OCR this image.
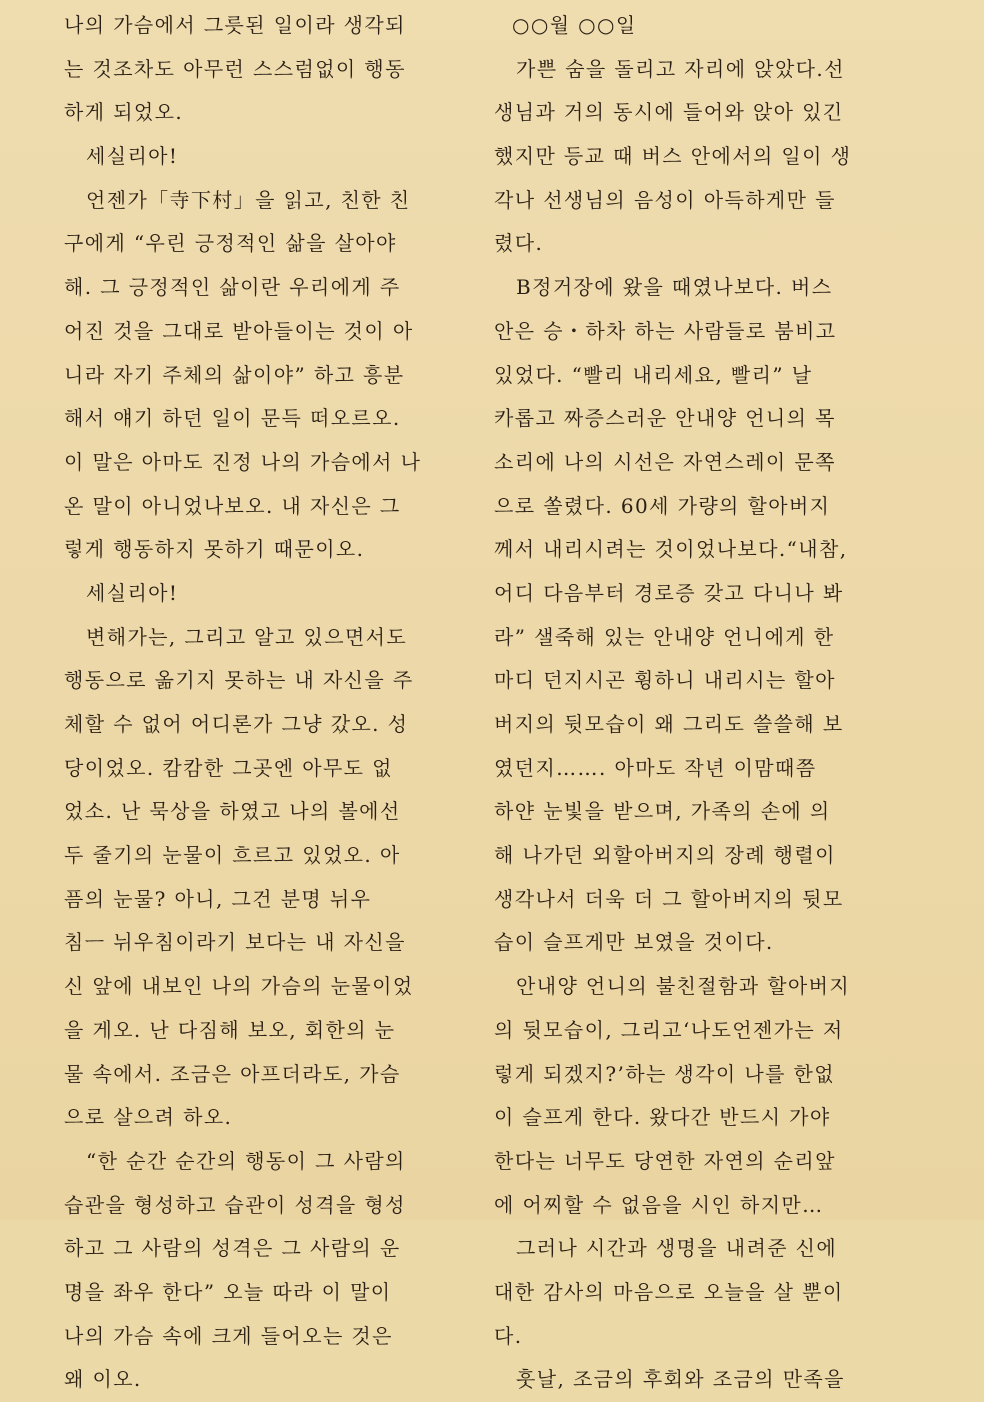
나의 가슴에서 그릇된 일이라 생각되
는 것조차도 아무런 스스럼없이 행동
하게 되었오.
세실리아!
언젠가「寺下村」을 읽고, 친한 친
구에게 “우린 긍정적인 삶을 살아야
해. 그 긍정적인 삶이란 우리에게 주
어진 것을 그대로 받아들이는 것이 아
니라 자기 주체의 삶이야” 하고 흥분
해서 얘기 하던 일이 문득 떠오르오.
이 말은 아마도 진정 나의 가슴에서 나
온 말이 아니었나보오. 내 자신은 그
렇게 행동하지 못하기 때문이오.
세실리아!
변해가는, 그리고 알고 있으면서도
행동으로 옮기지 못하는 내 자신을 주
체할 수 없어 어디론가 그냥 갔오. 성
당이었오. 캄캄한 그곳엔 아무도 없
었소. 난 묵상을 하였고 나의 볼에선
두 줄기의 눈물이 흐르고 있었오. 아
픔의 눈물? 아니, 그건 분명 뉘우
침ㅡ 뉘우침이라기 보다는 내 자신을
신 앞에 내보인 나의 가슴의 눈물이었
을 게오. 난 다짐해 보오, 회한의 눈
물 속에서. 조금은 아프더라도, 가슴
으로 살으려 하오.
“한 순간 순간의 행동이 그 사람의
습관을 형성하고 습관이 성격을 형성
하고 그 사람의 성격은 그 사람의 운
명을 좌우 한다” 오늘 따라 이 말이
나의 가슴 속에 크게 들어오는 것은
왜 이오.
○○월 ○○일
가쁜 숨을 돌리고 자리에 앉았다.선
생님과 거의 동시에 들어와 앉아 있긴
했지만 등교 때 버스 안에서의 일이 생
각나 선생님의 음성이 아득하게만 들
렸다.
B정거장에 왔을 때였나보다. 버스
안은 승・하차 하는 사람들로 붐비고
있었다. “빨리 내리세요, 빨리” 날
카롭고 짜증스러운 안내양 언니의 목
소리에 나의 시선은 자연스레이 문쪽
으로 쏠렸다. 60세 가량의 할아버지
께서 내리시려는 것이었나보다.“내참,
어디 다음부터 경로증 갖고 다니나 봐
라” 샐죽해 있는 안내양 언니에게 한
마디 던지시곤 휭하니 내리시는 할아
버지의 뒷모습이 왜 그리도 쓸쓸해 보
였던지……. 아마도 작년 이맘때쯤
하얀 눈빛을 받으며, 가족의 손에 의
해 나가던 외할아버지의 장례 행렬이
생각나서 더욱 더 그 할아버지의 뒷모
습이 슬프게만 보였을 것이다.
안내양 언니의 불친절함과 할아버지
의 뒷모습이, 그리고‘나도언젠가는 저
렇게 되겠지?’하는 생각이 나를 한없
이 슬프게 한다. 왔다간 반드시 가야
한다는 너무도 당연한 자연의 순리앞
에 어찌할 수 없음을 시인 하지만…
그러나 시간과 생명을 내려준 신에
대한 감사의 마음으로 오늘을 살 뿐이
다.
훗날, 조금의 후회와 조금의 만족을
